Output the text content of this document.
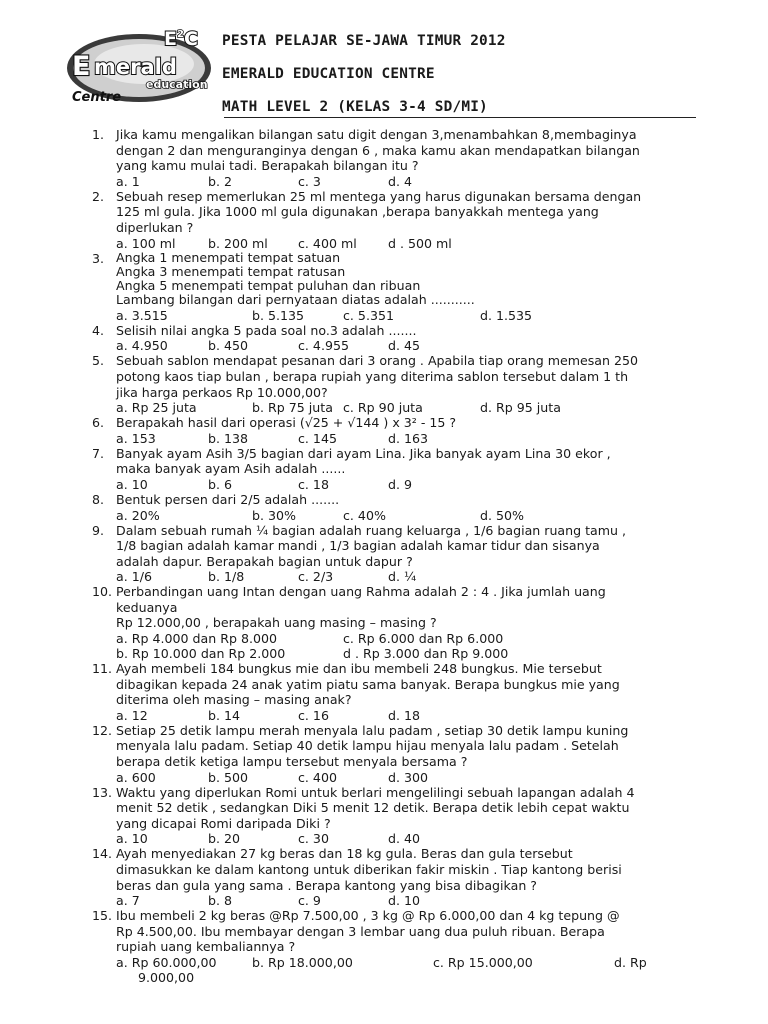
E merald
E 2 C
education
Centre
PESTA PELAJAR SE-JAWA TIMUR 2012
EMERALD EDUCATION CENTRE
MATH LEVEL 2 (KELAS 3-4 SD/MI)
1. Jika kamu mengalikan bilangan satu digit dengan 3,menambahkan 8,membaginya
dengan 2 dan menguranginya dengan 6 , maka kamu akan mendapatkan bilangan
yang kamu mulai tadi. Berapakah bilangan itu ?
a. 1	b. 2	c. 3	d. 4
2. Sebuah resep memerlukan 25 ml mentega yang harus digunakan bersama dengan
125 ml gula. Jika 1000 ml gula digunakan ,berapa banyakkah mentega yang
diperlukan ?
a. 100 ml	b. 200 ml c. 400 ml d . 500 ml
3. Angka 1 menempati tempat satuan
Angka 3 menempati tempat ratusan
Angka 5 menempati tempat puluhan dan ribuan
Lambang bilangan dari pernyataan diatas adalah ...........
a. 3.515	b. 5.135	c. 5.351	d. 1.535
4. Selisih nilai angka 5 pada soal no.3 adalah .......
a. 4.950	b. 450	c. 4.955	d. 45
5. Sebuah sablon mendapat pesanan dari 3 orang . Apabila tiap orang memesan 250
potong kaos tiap bulan , berapa rupiah yang diterima sablon tersebut dalam 1 th
jika harga perkaos Rp 10.000,00?
a. Rp 25 juta	b. Rp 75 juta c. Rp 90 juta	d. Rp 95 juta
6. Berapakah hasil dari operasi (√25 + √144 ) x 3² - 15 ?
a. 153	b. 138	c. 145	d. 163
7. Banyak ayam Asih 3/5 bagian dari ayam Lina. Jika banyak ayam Lina 30 ekor ,
maka banyak ayam Asih adalah ......
a. 10	b. 6	c. 18	d. 9
8. Bentuk persen dari 2/5 adalah .......
a. 20%	b. 30%	c. 40%	d. 50%
9. Dalam sebuah rumah ¼ bagian adalah ruang keluarga , 1/6 bagian ruang tamu ,
1/8 bagian adalah kamar mandi , 1/3 bagian adalah kamar tidur dan sisanya
adalah dapur. Berapakah bagian untuk dapur ?
a. 1/6	b. 1/8	c. 2/3	d. ¼
10. Perbandingan uang Intan dengan uang Rahma adalah 2 : 4 . Jika jumlah uang
keduanya
Rp 12.000,00 , berapakah uang masing – masing ?
a. Rp 4.000 dan Rp 8.000	c. Rp 6.000 dan Rp 6.000
b. Rp 10.000 dan Rp 2.000	d . Rp 3.000 dan Rp 9.000
11. Ayah membeli 184 bungkus mie dan ibu membeli 248 bungkus. Mie tersebut
dibagikan kepada 24 anak yatim piatu sama banyak. Berapa bungkus mie yang
diterima oleh masing – masing anak?
a. 12	b. 14	c. 16	d. 18
12. Setiap 25 detik lampu merah menyala lalu padam , setiap 30 detik lampu kuning
menyala lalu padam. Setiap 40 detik lampu hijau menyala lalu padam . Setelah
berapa detik ketiga lampu tersebut menyala bersama ?
a. 600	b. 500	c. 400	d. 300
13. Waktu yang diperlukan Romi untuk berlari mengelilingi sebuah lapangan adalah 4
menit 52 detik , sedangkan Diki 5 menit 12 detik. Berapa detik lebih cepat waktu
yang dicapai Romi daripada Diki ?
a. 10	b. 20	c. 30	d. 40
14. Ayah menyediakan 27 kg beras dan 18 kg gula. Beras dan gula tersebut
dimasukkan ke dalam kantong untuk diberikan fakir miskin . Tiap kantong berisi
beras dan gula yang sama . Berapa kantong yang bisa dibagikan ?
a. 7	b. 8	c. 9	d. 10
15. Ibu membeli 2 kg beras @Rp 7.500,00 , 3 kg @ Rp 6.000,00 dan 4 kg tepung @
Rp 4.500,00. Ibu membayar dengan 3 lembar uang dua puluh ribuan. Berapa
rupiah uang kembaliannya ?
a. Rp 60.000,00	b. Rp 18.000,00	c. Rp 15.000,00	d. Rp
9.000,00
